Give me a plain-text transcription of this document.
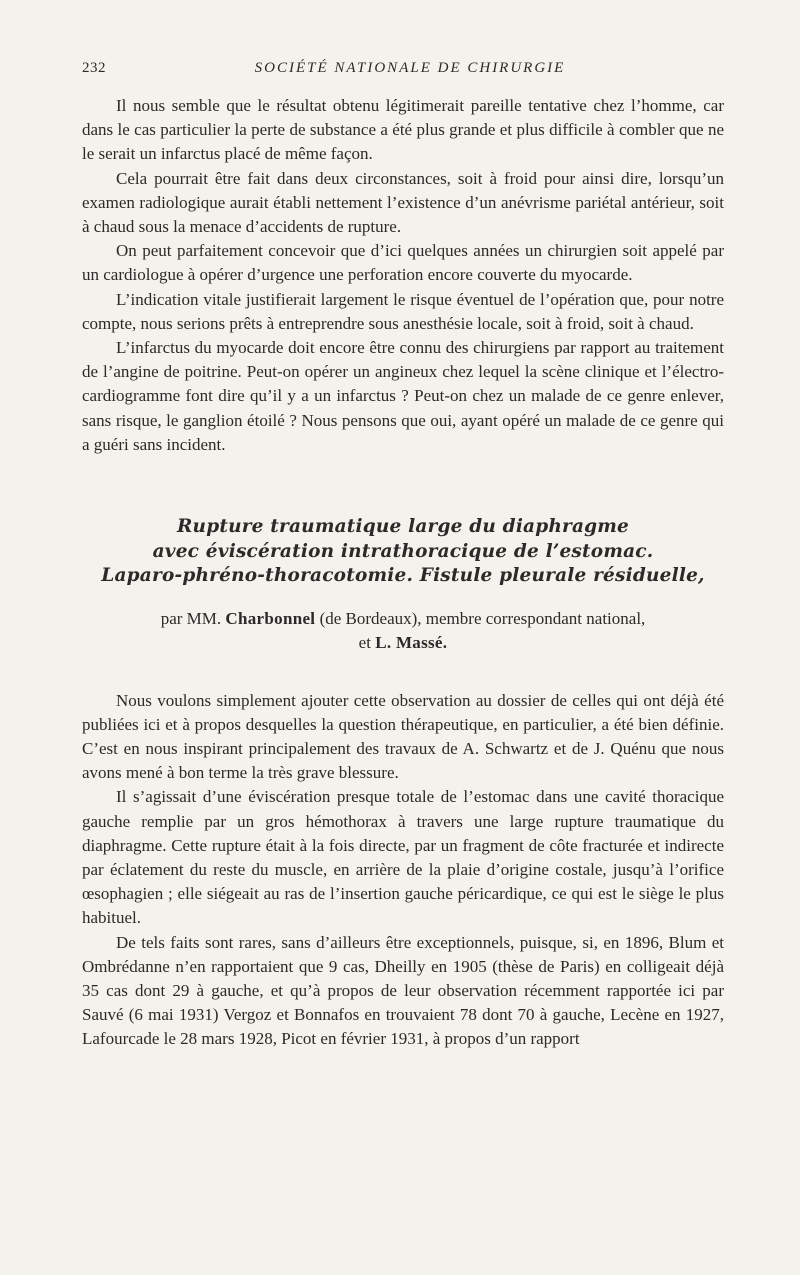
232	SOCIÉTÉ NATIONALE DE CHIRURGIE

Il nous semble que le résultat obtenu légitimerait pareille tentative chez l’homme, car dans le cas particulier la perte de substance a été plus grande et plus difficile à combler que ne le serait un infarctus placé de même façon.

Cela pourrait être fait dans deux circonstances, soit à froid pour ainsi dire, lorsqu’un examen radiologique aurait établi nettement l’existence d’un anévrisme pariétal antérieur, soit à chaud sous la menace d’accidents de rupture.

On peut parfaitement concevoir que d’ici quelques années un chirurgien soit appelé par un cardiologue à opérer d’urgence une perforation encore couverte du myocarde.

L’indication vitale justifierait largement le risque éventuel de l’opération que, pour notre compte, nous serions prêts à entreprendre sous anesthésie locale, soit à froid, soit à chaud.

L’infarctus du myocarde doit encore être connu des chirurgiens par rapport au traitement de l’angine de poitrine. Peut-on opérer un angineux chez lequel la scène clinique et l’électro-cardiogramme font dire qu’il y a un infarctus ? Peut-on chez un malade de ce genre enlever, sans risque, le ganglion étoilé ? Nous pensons que oui, ayant opéré un malade de ce genre qui a guéri sans incident.

Rupture traumatique large du diaphragme
avec éviscération intrathoracique de l’estomac.
Laparo-phréno-thoracotomie. Fistule pleurale résiduelle,

par MM. Charbonnel (de Bordeaux), membre correspondant national,
et L. Massé.

Nous voulons simplement ajouter cette observation au dossier de celles qui ont déjà été publiées ici et à propos desquelles la question thérapeutique, en particulier, a été bien définie. C’est en nous inspirant principalement des travaux de A. Schwartz et de J. Quénu que nous avons mené à bon terme la très grave blessure.

Il s’agissait d’une éviscération presque totale de l’estomac dans une cavité thoracique gauche remplie par un gros hémothorax à travers une large rupture traumatique du diaphragme. Cette rupture était à la fois directe, par un fragment de côte fracturée et indirecte par éclatement du reste du muscle, en arrière de la plaie d’origine costale, jusqu’à l’orifice œsophagien ; elle siégeait au ras de l’insertion gauche péricardique, ce qui est le siège le plus habituel.

De tels faits sont rares, sans d’ailleurs être exceptionnels, puisque, si, en 1896, Blum et Ombrédanne n’en rapportaient que 9 cas, Dheilly en 1905 (thèse de Paris) en colligeait déjà 35 cas dont 29 à gauche, et qu’à propos de leur observation récemment rapportée ici par Sauvé (6 mai 1931) Vergoz et Bonnafos en trouvaient 78 dont 70 à gauche, Lecène en 1927, Lafourcade le 28 mars 1928, Picot en février 1931, à propos d’un rapport
